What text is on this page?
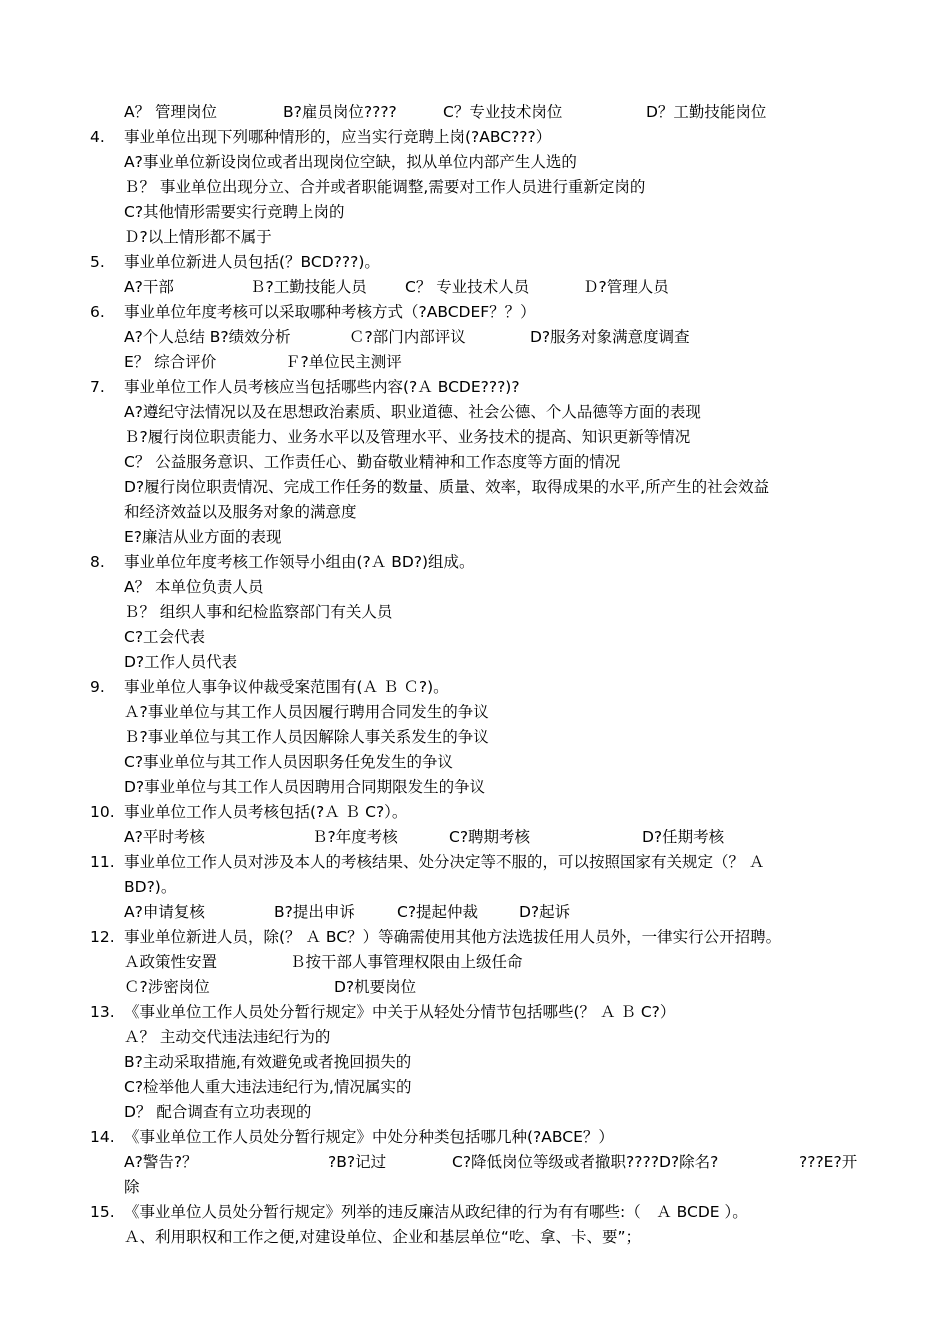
A？ 管理岗位	B?雇员岗位????	C？专业技术岗位	D？工勤技能岗位
4. 事业单位出现下列哪种情形的，应当实行竞聘上岗(?ABC???）
A?事业单位新设岗位或者出现岗位空缺，拟从单位内部产生人选的
Ｂ？ 事业单位出现分立、合并或者职能调整,需要对工作人员进行重新定岗的
C?其他情形需要实行竞聘上岗的
Ｄ?以上情形都不属于
5. 事业单位新进人员包括(？BCD???)。
A?干部	Ｂ?工勤技能人员 C？ 专业技术人员	Ｄ?管理人员
6. 事业单位年度考核可以采取哪种考核方式（?ABCDEF？？）
A?个人总结 B?绩效分析	Ｃ?部门内部评议	D?服务对象满意度调查
E？ 综合评价	Ｆ?单位民主测评
7. 事业单位工作人员考核应当包括哪些内容(?Ａ BCDE???)?
A?遵纪守法情况以及在思想政治素质、职业道德、社会公德、个人品德等方面的表现
Ｂ?履行岗位职责能力、业务水平以及管理水平、业务技术的提高、知识更新等情况
C？ 公益服务意识、工作责任心、勤奋敬业精神和工作态度等方面的情况
D?履行岗位职责情况、完成工作任务的数量、质量、效率，取得成果的水平,所产生的社会效益
和经济效益以及服务对象的满意度
E?廉洁从业方面的表现
8. 事业单位年度考核工作领导小组由(?Ａ BD?)组成。
A？ 本单位负责人员
Ｂ？ 组织人事和纪检监察部门有关人员
C?工会代表
D?工作人员代表
9. 事业单位人事争议仲裁受案范围有(Ａ Ｂ Ｃ?)。
Ａ?事业单位与其工作人员因履行聘用合同发生的争议
Ｂ?事业单位与其工作人员因解除人事关系发生的争议
C?事业单位与其工作人员因职务任免发生的争议
D?事业单位与其工作人员因聘用合同期限发生的争议
10. 事业单位工作人员考核包括(?Ａ Ｂ C?）。
A?平时考核	Ｂ?年度考核	C?聘期考核	D?任期考核
11. 事业单位工作人员对涉及本人的考核结果、处分决定等不服的，可以按照国家有关规定（？ Ａ
BD?)。
A?申请复核	B?提出申诉	C?提起仲裁	D?起诉
12. 事业单位新进人员，除(？ Ａ BC？）等确需使用其他方法选拔任用人员外，一律实行公开招聘。
Ａ政策性安置	Ｂ按干部人事管理权限由上级任命
Ｃ?涉密岗位	D?机要岗位
13. 《事业单位工作人员处分暂行规定》中关于从轻处分情节包括哪些(？ Ａ Ｂ C?）
Ａ？ 主动交代违法违纪行为的
B?主动采取措施,有效避免或者挽回损失的
C?检举他人重大违法违纪行为,情况属实的
D？ 配合调查有立功表现的
14. 《事业单位工作人员处分暂行规定》中处分种类包括哪几种(?ABCE？）
A?警告?？	?B?记过	C?降低岗位等级或者撤职????D?除名?	???E?开
除
15. 《事业单位人员处分暂行规定》列举的违反廉洁从政纪律的行为有有哪些:（　Ａ BCDE ）。
Ａ、利用职权和工作之便,对建设单位、企业和基层单位“吃、拿、卡、要”；
